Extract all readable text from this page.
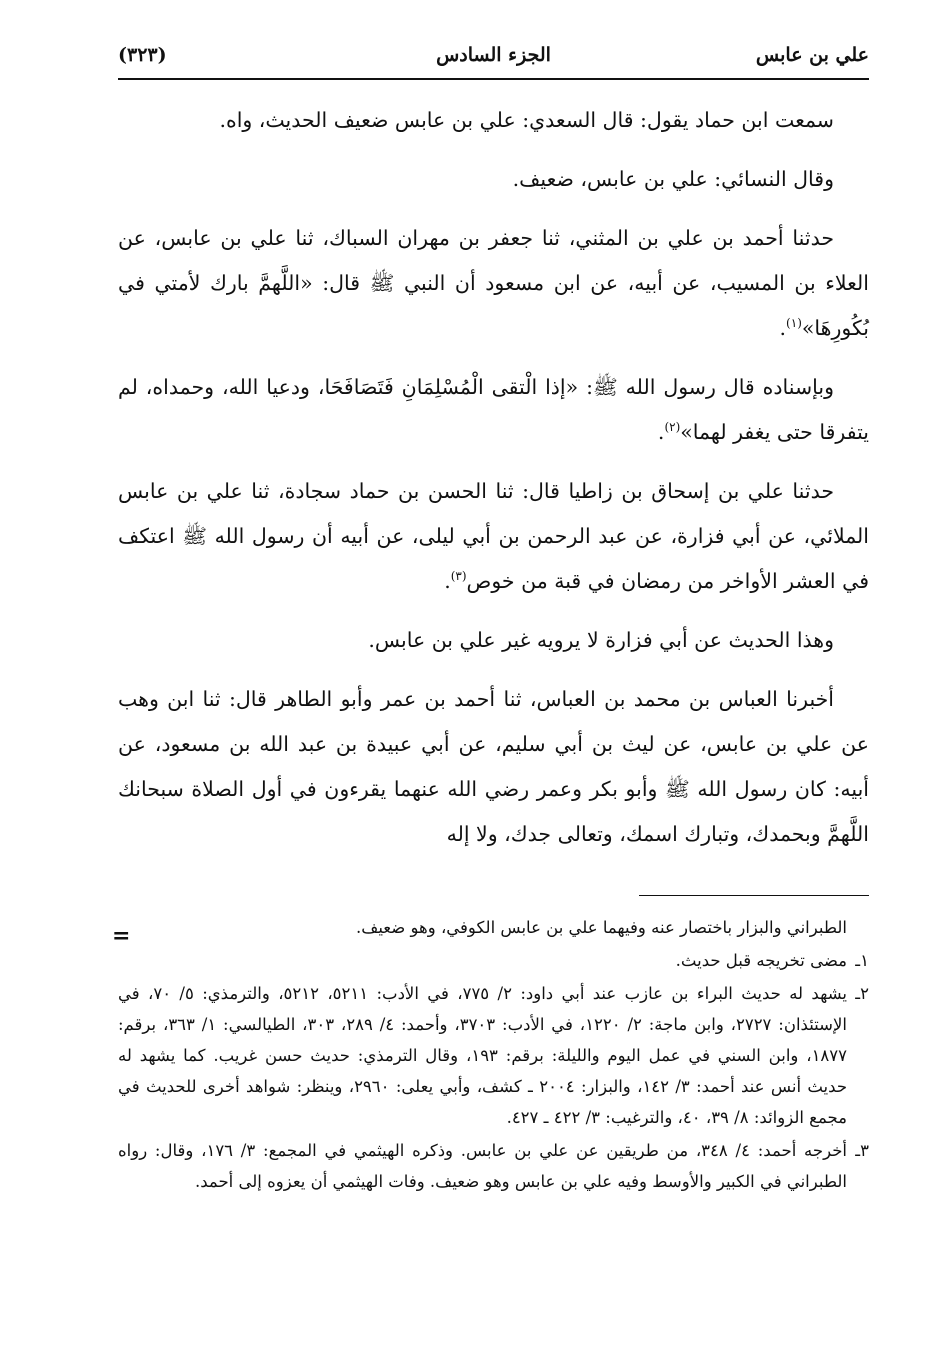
علي بن عابس
الجزء السادس
(٣٢٣)

سمعت ابن حماد يقول: قال السعدي: علي بن عابس ضعيف الحديث، واه.

وقال النسائي: علي بن عابس، ضعيف.

حدثنا أحمد بن علي بن المثني، ثنا جعفر بن مهران السباك، ثنا علي بن عابس، عن العلاء بن المسيب، عن أبيه، عن ابن مسعود أن النبي ﷺ قال: «اللَّهمَّ بارك لأمتي في بُكُورِهَا»$^{(١)}$.

وبإسناده قال رسول الله ﷺ: «إذا الْتقى الْمُسْلِمَانِ فَتَصَافَحَا، ودعيا الله، وحمداه، لم يتفرقا حتى يغفر لهما»$^{(٢)}$.

حدثنا علي بن إسحاق بن زاطيا قال: ثنا الحسن بن حماد سجادة، ثنا علي بن عابس الملائي، عن أبي فزارة، عن عبد الرحمن بن أبي ليلى، عن أبيه أن رسول الله ﷺ اعتكف في العشر الأواخر من رمضان في قبة من خوص$^{(٣)}$.

وهذا الحديث عن أبي فزارة لا يرويه غير علي بن عابس.

أخبرنا العباس بن محمد بن العباس، ثنا أحمد بن عمر وأبو الطاهر قال: ثنا ابن وهب عن علي بن عابس، عن ليث بن أبي سليم، عن أبي عبيدة بن عبد الله بن مسعود، عن أبيه: كان رسول الله ﷺ وأبو بكر وعمر رضي الله عنهما يقرءون في أول الصلاة سبحانك اللَّهمَّ وبحمدك، وتبارك اسمك، وتعالى جدك، ولا إله

=	الطبراني والبزار باختصار عنه وفيهما علي بن عابس الكوفي، وهو ضعيف.

١ـمضى تخريجه قبل حديث.

٢ـيشهد له حديث البراء بن عازب عند أبي داود: ٢/ ٧٧٥، في الأدب: ٥٢١١، ٥٢١٢، والترمذي: ٥/ ٧٠، في الإستئذان: ٢٧٢٧، وابن ماجة: ٢/ ١٢٢٠، في الأدب: ٣٧٠٣، وأحمد: ٤/ ٢٨٩، ٣٠٣، الطيالسي: ١/ ٣٦٣، برقم: ١٨٧٧، وابن السني في عمل اليوم والليلة: برقم: ١٩٣، وقال الترمذي: حديث حسن غريب. كما يشهد له حديث أنس عند أحمد: ٣/ ١٤٢، والبزار: ٢٠٠٤ ـ كشف، وأبي يعلى: ٢٩٦٠، وينظر: شواهد أخرى للحديث في مجمع الزوائد: ٨/ ٣٩، ٤٠، والترغيب: ٣/ ٤٢٢ ـ ٤٢٧.

٣ـأخرجه أحمد: ٤/ ٣٤٨، من طريقين عن علي بن عابس. وذكره الهيثمي في المجمع: ٣/ ١٧٦، وقال: رواه الطبراني في الكبير والأوسط وفيه علي بن عابس وهو ضعيف. وفات الهيثمي أن يعزوه إلى أحمد.
